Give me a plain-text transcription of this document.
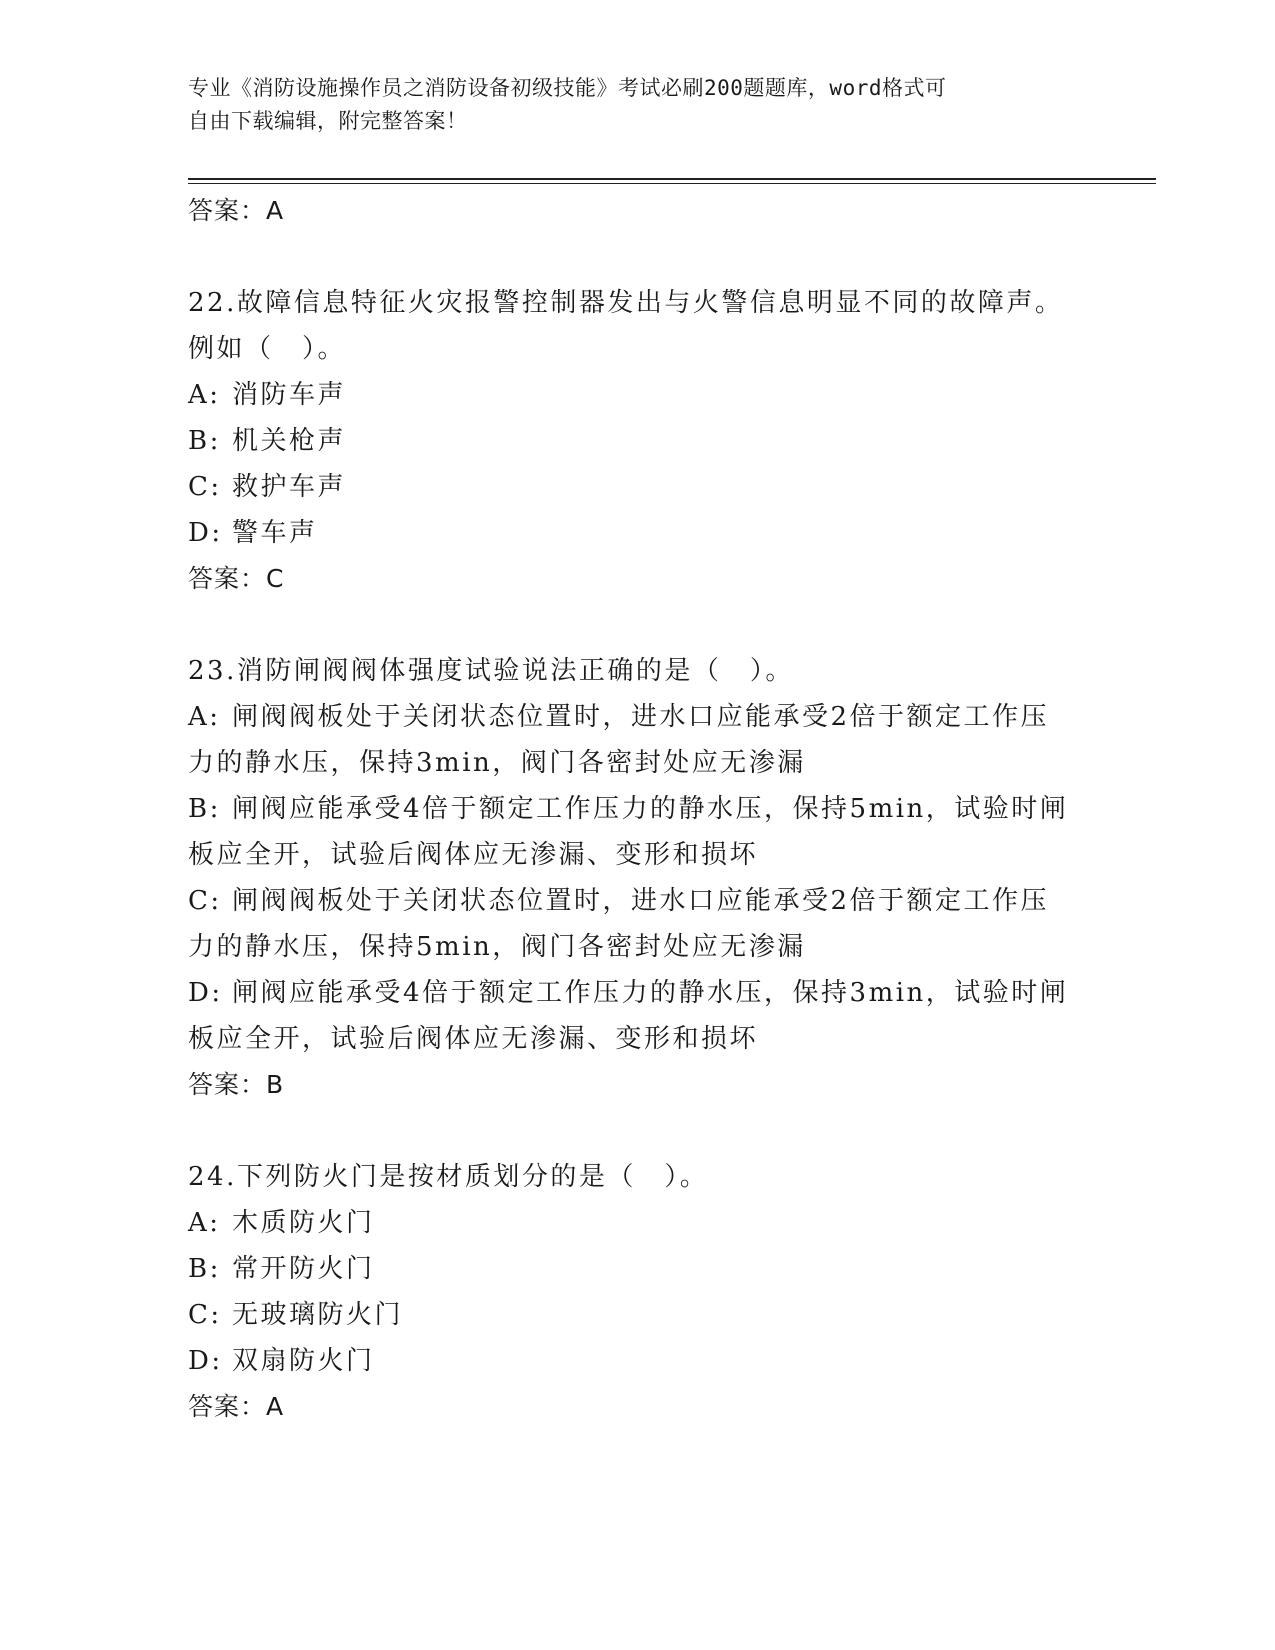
专业《消防设施操作员之消防设备初级技能》考试必刷200题题库，word格式可
自由下载编辑，附完整答案！
答案：A
22.故障信息特征火灾报警控制器发出与火警信息明显不同的故障声。
例如（　）。
A: 消防车声
B: 机关枪声
C: 救护车声
D: 警车声
答案：C
23.消防闸阀阀体强度试验说法正确的是（　）。
A: 闸阀阀板处于关闭状态位置时，进水口应能承受2倍于额定工作压
力的静水压，保持3min，阀门各密封处应无渗漏
B: 闸阀应能承受4倍于额定工作压力的静水压，保持5min，试验时闸
板应全开，试验后阀体应无渗漏、变形和损坏
C: 闸阀阀板处于关闭状态位置时，进水口应能承受2倍于额定工作压
力的静水压，保持5min，阀门各密封处应无渗漏
D: 闸阀应能承受4倍于额定工作压力的静水压，保持3min，试验时闸
板应全开，试验后阀体应无渗漏、变形和损坏
答案：B
24.下列防火门是按材质划分的是（　）。
A: 木质防火门
B: 常开防火门
C: 无玻璃防火门
D: 双扇防火门
答案：A
